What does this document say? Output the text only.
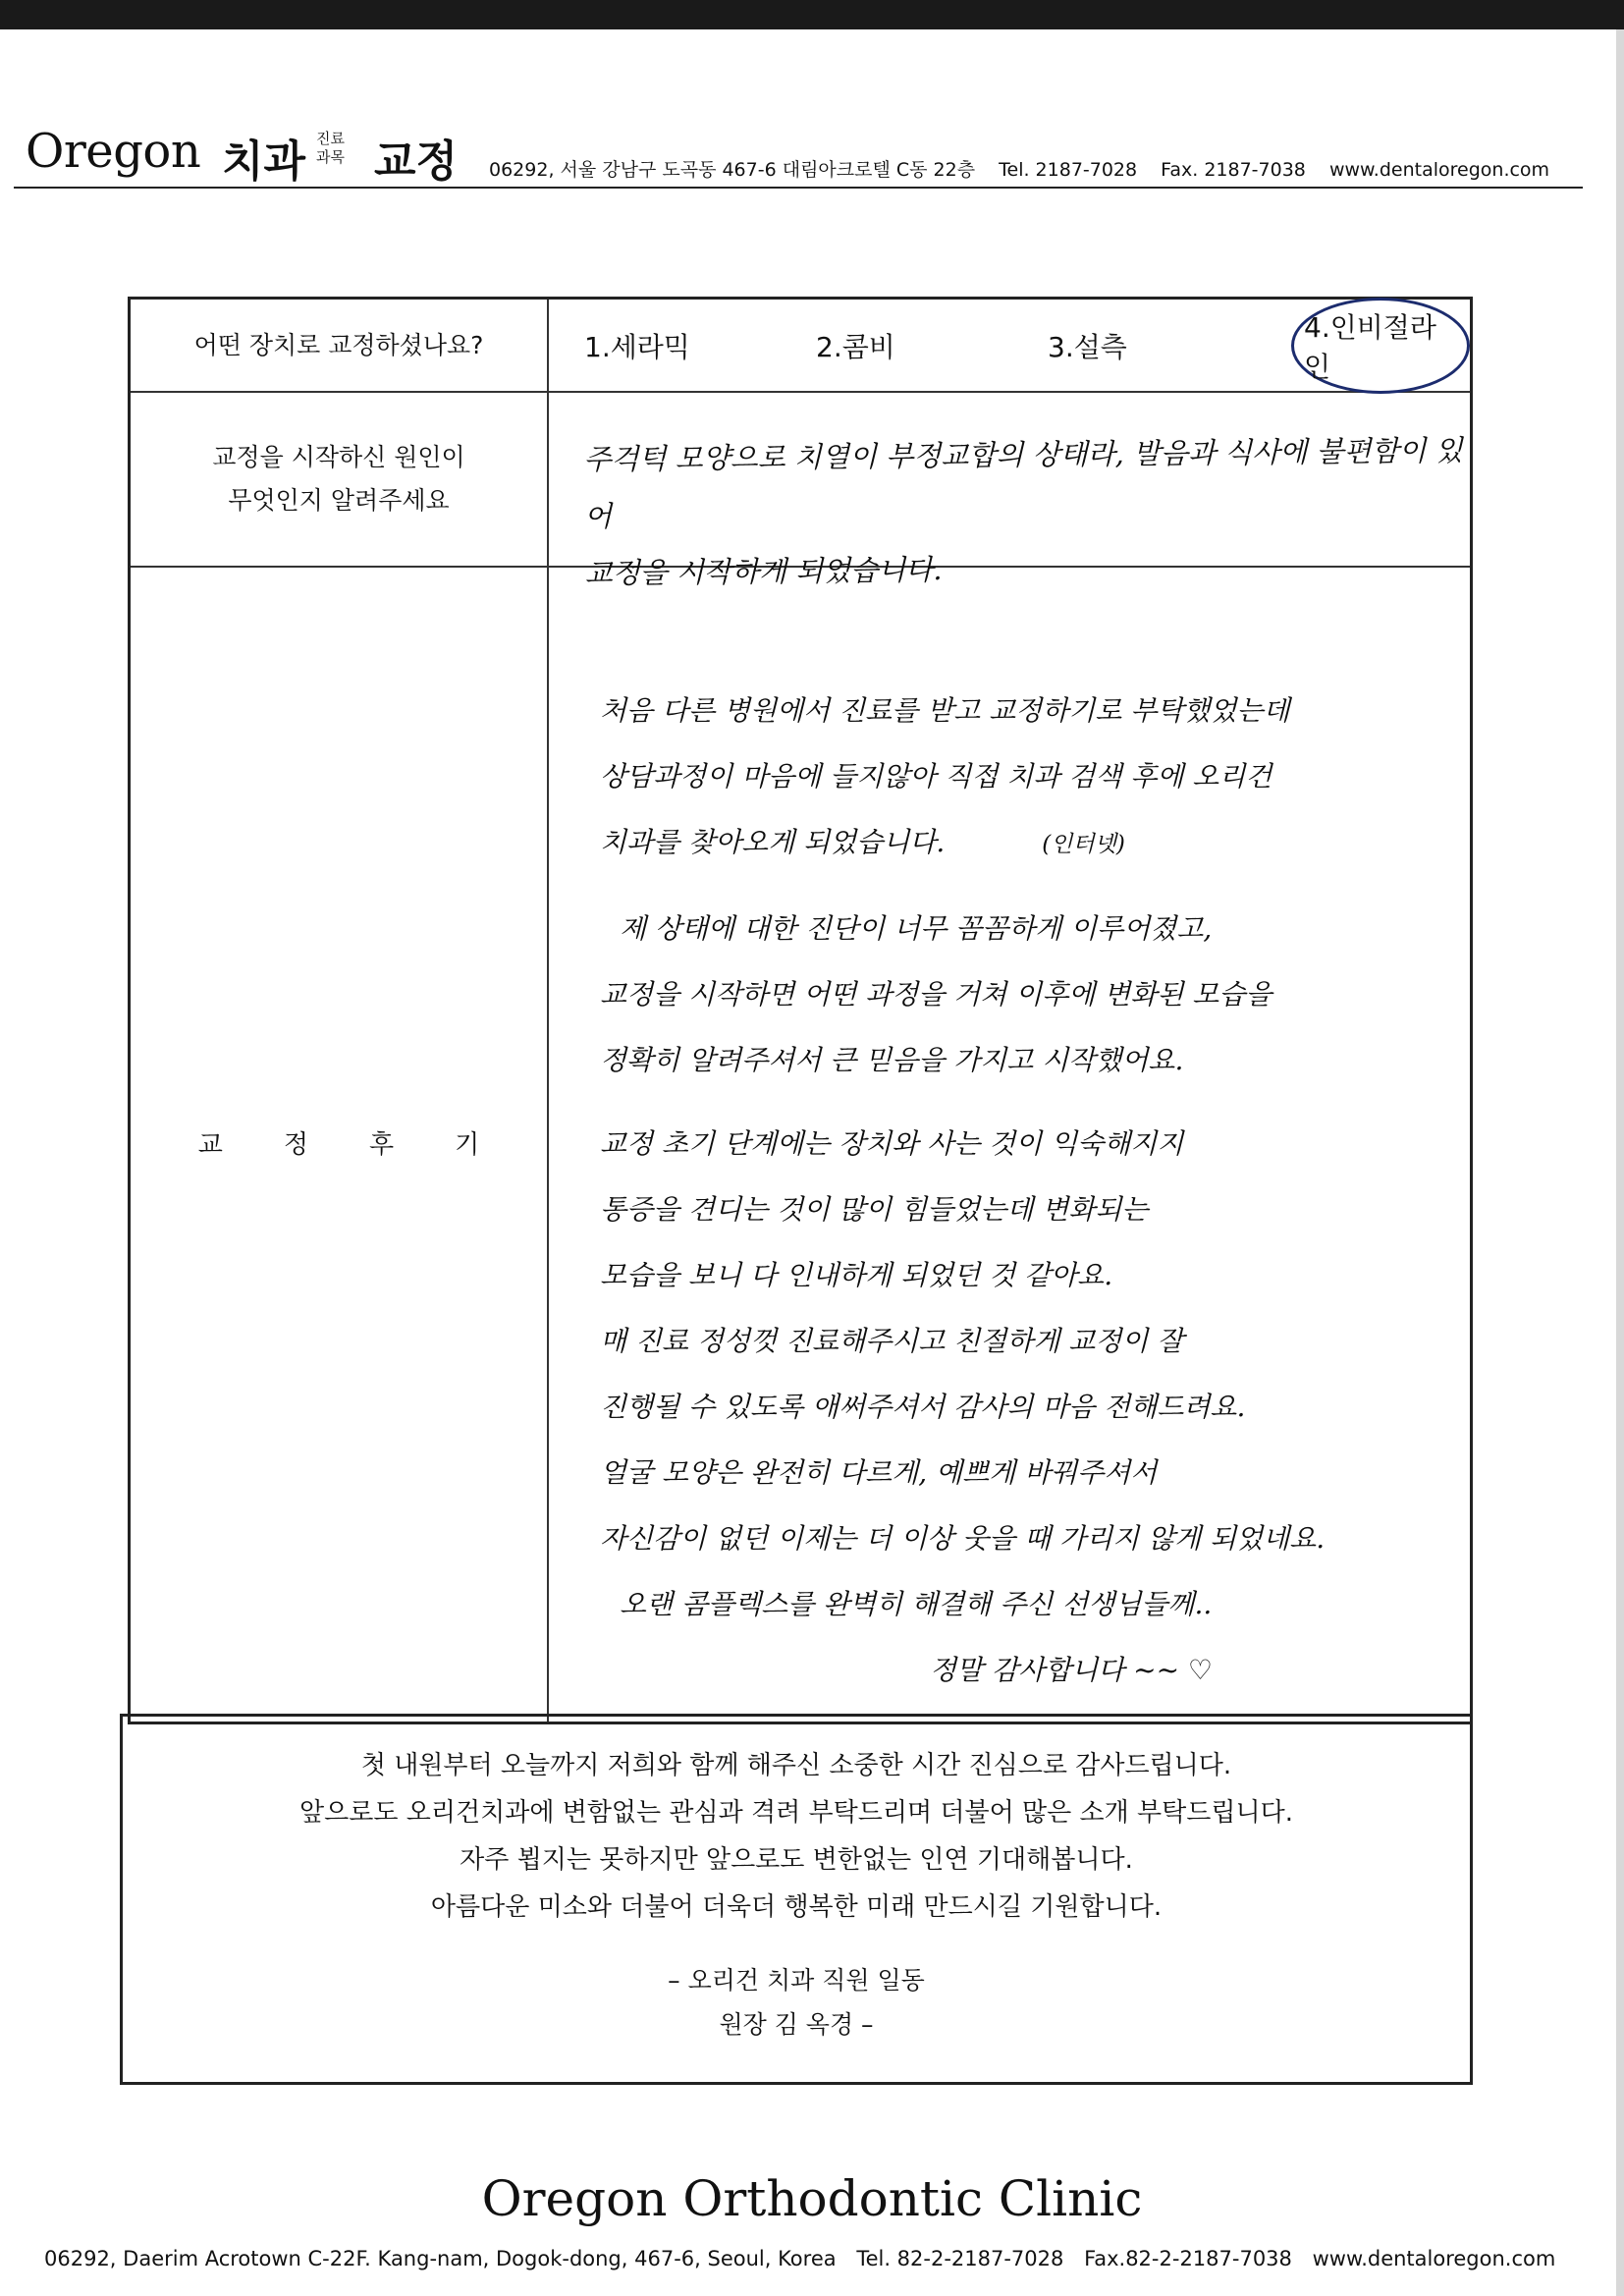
Oregon 치과 진료
과목 교정 06292, 서울 강남구 도곡동 467-6 대림아크로텔 C동 22층 Tel. 2187-7028 Fax. 2187-7038 www.dentaloregon.com
어떤 장치로 교정하셨나요?	1.세라믹	2.콤비	3.설측
4.인비절라인
교정을 시작하신 원인이
무엇인지 알려주세요
주걱턱 모양으로 치열이 부정교합의 상태라, 발음과 식사에 불편함이 있어
교정을 시작하게 되었습니다.
교정후기

처음 다른 병원에서 진료를 받고 교정하기로 부탁했었는데

상담과정이 마음에 들지않아 직접 치과 검색 후에 오리건

치과를 찾아오게 되었습니다.	(인터넷)

제 상태에 대한 진단이 너무 꼼꼼하게 이루어졌고,

교정을 시작하면 어떤 과정을 거쳐 이후에 변화된 모습을

정확히 알려주셔서 큰 믿음을 가지고 시작했어요.

교정 초기 단계에는 장치와 사는 것이 익숙해지지

통증을 견디는 것이 많이 힘들었는데 변화되는

모습을 보니 다 인내하게 되었던 것 같아요.

매 진료 정성껏 진료해주시고 친절하게 교정이 잘

진행될 수 있도록 애써주셔서 감사의 마음 전해드려요.

얼굴 모양은 완전히 다르게, 예쁘게 바꿔주셔서

자신감이 없던 이제는 더 이상 웃을 때 가리지 않게 되었네요.

오랜 콤플렉스를 완벽히 해결해 주신 선생님들께..

정말 감사합니다 ~~ ♡

첫 내원부터 오늘까지 저희와 함께 해주신 소중한 시간 진심으로 감사드립니다.
앞으로도 오리건치과에 변함없는 관심과 격려 부탁드리며 더불어 많은 소개 부탁드립니다.
자주 뵙지는 못하지만 앞으로도 변한없는 인연 기대해봅니다.
아름다운 미소와 더불어 더욱더 행복한 미래 만드시길 기원합니다.
– 오리건 치과 직원 일동
원장 김 옥경 –
Oregon Orthodontic Clinic
06292, Daerim Acrotown C-22F. Kang-nam, Dogok-dong, 467-6, Seoul, Korea Tel. 82-2-2187-7028 Fax.82-2-2187-7038 www.dentaloregon.com
